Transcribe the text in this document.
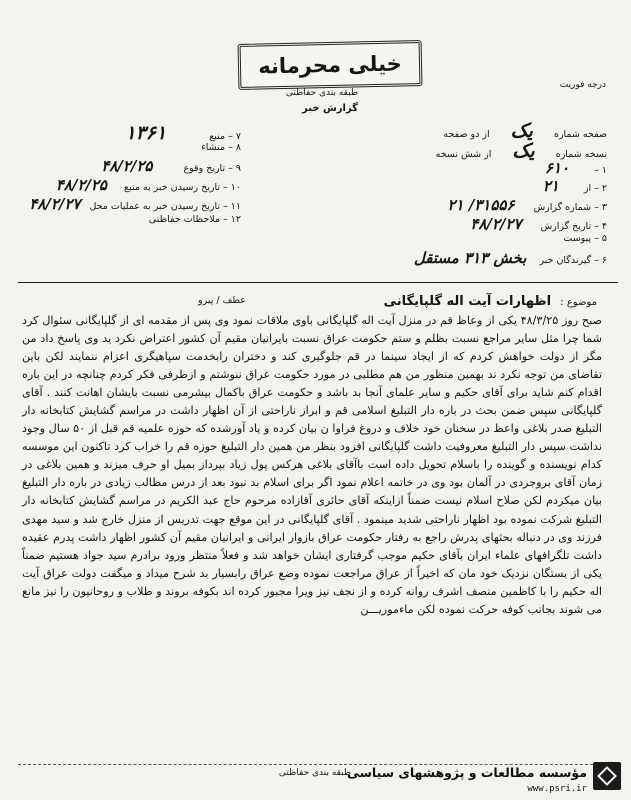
خیلی محرمانه
طبقه بندی حفاظتی
درجه فوریت
گزارش خبر
۷ – منبع ۱۳۶۱
۸ – منشاء
۹ – تاریخ وقوع ۴۸/۲/۲۵
۱۰ – تاریخ رسیدن خبر به منبع ۴۸/۲/۲۵
۱۱ – تاریخ رسیدن خبر به عملیات محل ۴۸/۲/۲۷
۱۲ – ملاحظات حفاظتی
صفحه شماره یک از دو صفحه
نسخه شماره یک از شش نسخه
۱ – ۶۱۰
۲ – از ۲۱
۳ – شماره گزارش ۳۱۵۵۶/ ۲۱
۴ – تاریخ گزارش ۴۸/۲/۲۷
۵ – پیوست
۶ – گیرندگان خبر بخش ۳۱۳ مستقل
موضوع : اظهارات آیت اله گلپایگانی
عطف / پیرو
صبح روز ۴۸/۳/۲۵ یکی از وعاظ قم در منزل آیت اله گلپایگانی باوی ملاقات نمود وی پس از مقدمه ای از گلپایگانی سئوال کرد شما چرا مثل سایر مراجع نسبت بظلم و ستم حکومت عراق نسبت بایرانیان مقیم آن کشور اعتراض نکرد ید وی پاسخ داد من مگر از دولت خواهش کردم که از ایجاد سینما در قم جلوگیری کند و دختران رابخدمت سپاهیگری اعزام ننمایند لکن باین تقاضای من توجه نکرد ند بهمین منظور من هم مطلبی در مورد حکومت عراق ننوشتم و ازطرفی فکر کردم چنانچه در این باره اقدام کنم شاید برای آقای حکیم و سایر علمای آنجا بد باشد و حکومت عراق باکمال بیشرمی نسبت بایشان اهانت کنند . آقای گلپایگانی سپس ضمن بحث در باره دار التبلیغ اسلامی قم و ابراز ناراحتی از آن اظهار داشت در مراسم گشایش کتابخانه دار التبلیغ صدر بلاغی واعظ در سخنان خود خلاف و دروغ فراوا ن بیان کرده و یاد آورشده که حوزه علمیه قم قبل از ۵۰ سال وجود نداشت سپس دار التبلیغ معروفیت داشت گلپایگانی افزود بنظر من همین دار التبلیغ حوزه قم را خراب کرد تاکنون این موسسه کدام نویسنده و گوینده را باسلام تحویل داده است باآقای بلاغی هرکس پول زیاد بپرداز بمیل او حرف میزند و همین بلاغی در زمان آقای بروجردی در آلمان بود وی در خاتمه اعلام نمود اگر برای اسلام بد نبود بعد از درس مطالب زیادی در باره دار التبلیغ بیان میکردم لکن صلاح اسلام نیست ضمناً ازاینکه آقای حائری آقازاده مرحوم حاج عبد الکریم در مراسم گشایش کتابخانه دار التبلیغ شرکت نموده بود اظهار ناراحتی شدید مینمود . آقای گلپایگانی در این موقع جهت تدریس از منزل خارج شد و سید مهدی فرزند وی در دنباله بحثهای پدرش راجع به رفتار حکومت عراق بازوار ایرانی و ایرانیان مقیم آن کشور اظهار داشت پدرم عقیده داشت تلگرافهای علماء ایران بآقای حکیم موجب گرفتاری ایشان خواهد شد و فعلاً منتظر ورود برادرم سید جواد هستیم ضمناً یکی از بستگان نزدیک خود مان که اخیراً از عراق مراجعت نموده وضع عراق رابسیار بد شرح میداد و میگفت دولت عراق آیت اله حکیم را با کاظمین منصف اشرف روانه کرده و از نجف نیز ویرا مجبور کرده اند بکوفه بروند و طلاب و روحانیون را نیز مانع می شوند بجانب کوفه حرکت نموده لکن ماءموریـــن
طبقه بندی حفاظتی
مؤسسه مطالعات و پژوهشهای سیاسی
www.psri.ir
